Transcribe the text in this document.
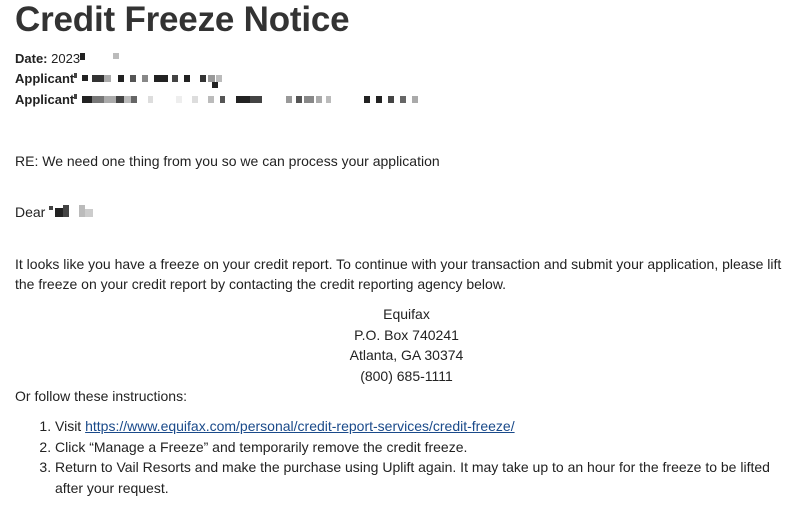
Credit Freeze Notice
Date: 2023
Applicant
Applicant
RE: We need one thing from you so we can process your application
Dear
It looks like you have a freeze on your credit report. To continue with your transaction and submit your application, please lift the freeze on your credit report by contacting the credit reporting agency below.
Equifax
P.O. Box 740241
Atlanta, GA 30374
(800) 685-1111
Or follow these instructions:
1. Visit https://www.equifax.com/personal/credit-report-services/credit-freeze/
2. Click “Manage a Freeze” and temporarily remove the credit freeze.
3. Return to Vail Resorts and make the purchase using Uplift again. It may take up to an hour for the freeze to be lifted after your request.
